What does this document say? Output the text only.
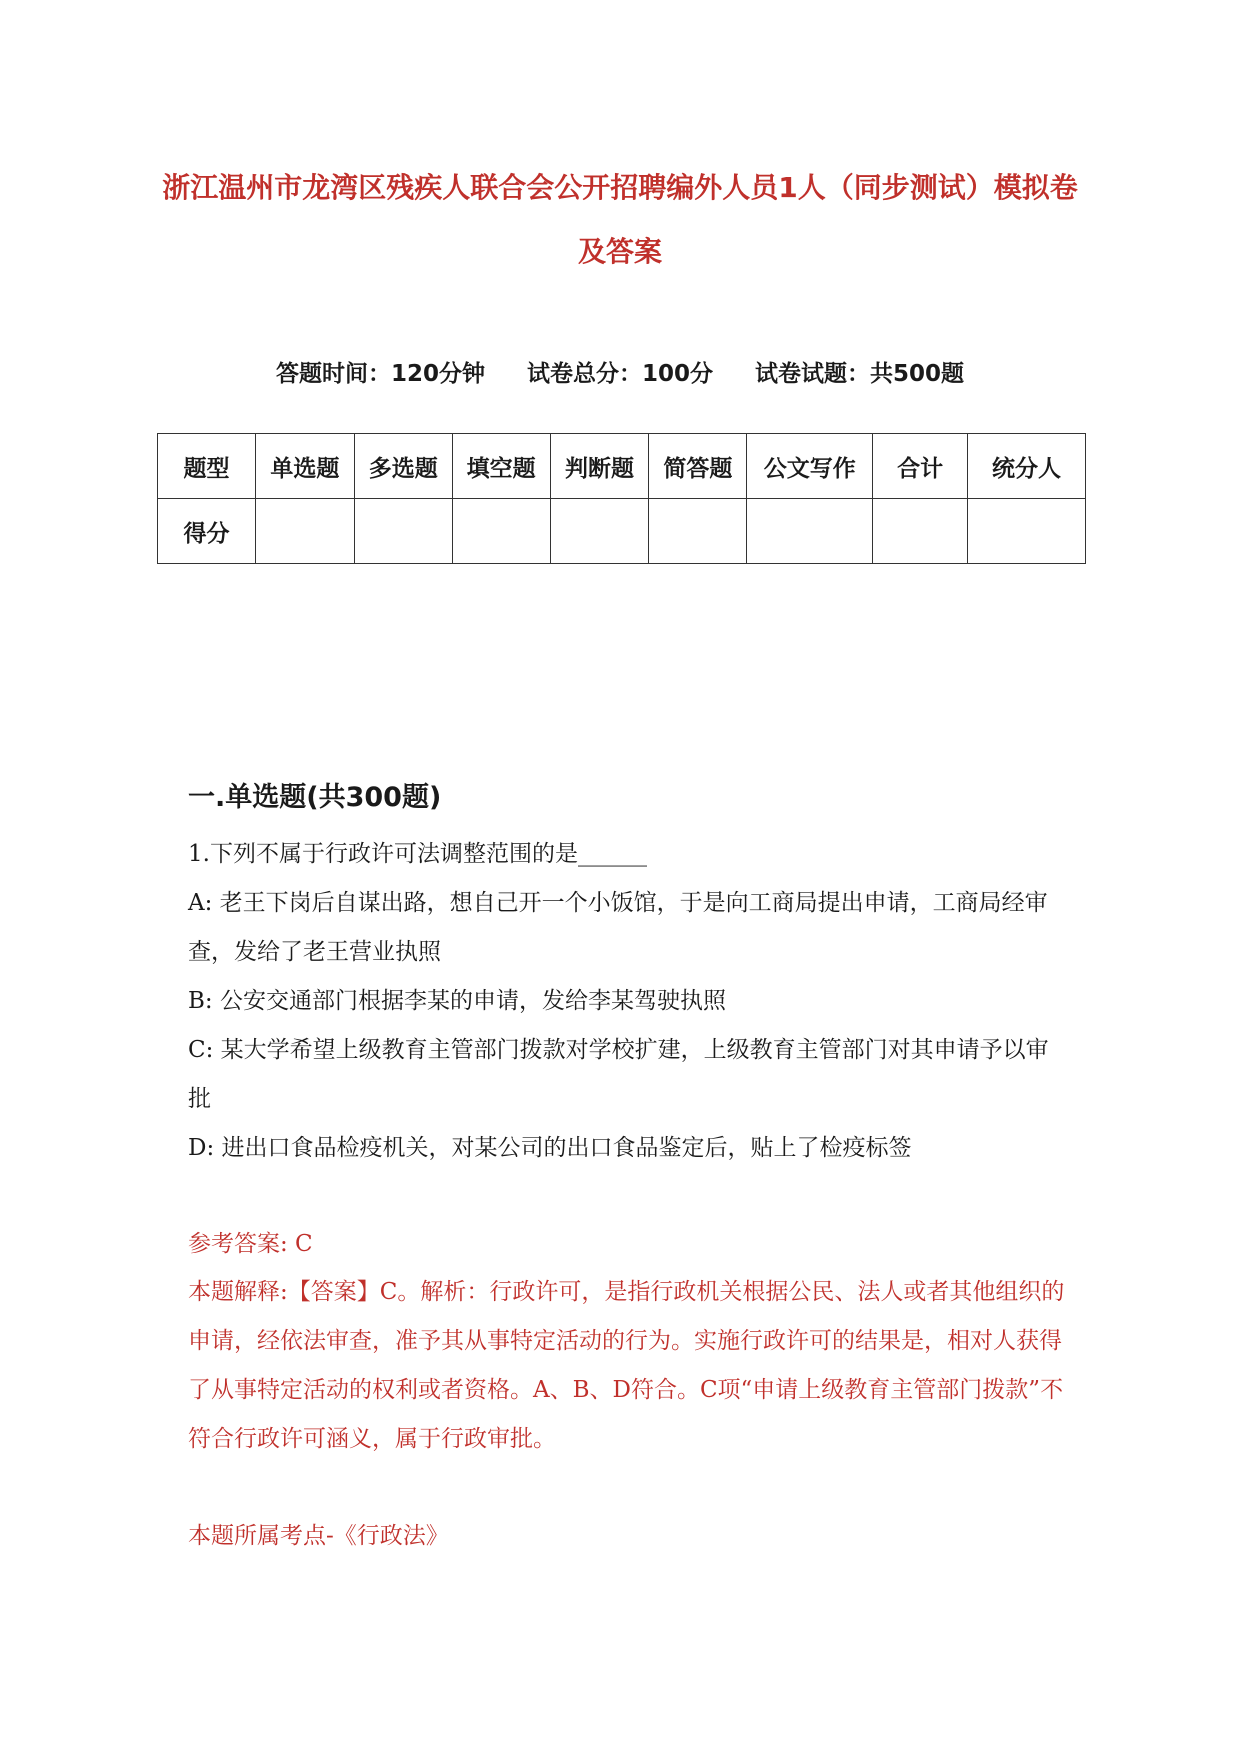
浙江温州市龙湾区残疾人联合会公开招聘编外人员1人（同步测试）模拟卷及答案
答题时间：120分钟 试卷总分：100分 试卷试题：共500题
题型	单选题	多选题	填空题	判断题	简答题	公文写作	合计	统分人
得分								
一.单选题(共300题)
1.下列不属于行政许可法调整范围的是______
A: 老王下岗后自谋出路，想自己开一个小饭馆，于是向工商局提出申请，工商局经审查，发给了老王营业执照
B: 公安交通部门根据李某的申请，发给李某驾驶执照
C: 某大学希望上级教育主管部门拨款对学校扩建，上级教育主管部门对其申请予以审批
D: 进出口食品检疫机关，对某公司的出口食品鉴定后，贴上了检疫标签
参考答案: C
本题解释:【答案】C。解析：行政许可，是指行政机关根据公民、法人或者其他组织的申请，经依法审查，准予其从事特定活动的行为。实施行政许可的结果是，相对人获得了从事特定活动的权利或者资格。A、B、D符合。C项“申请上级教育主管部门拨款”不符合行政许可涵义，属于行政审批。
本题所属考点-《行政法》
